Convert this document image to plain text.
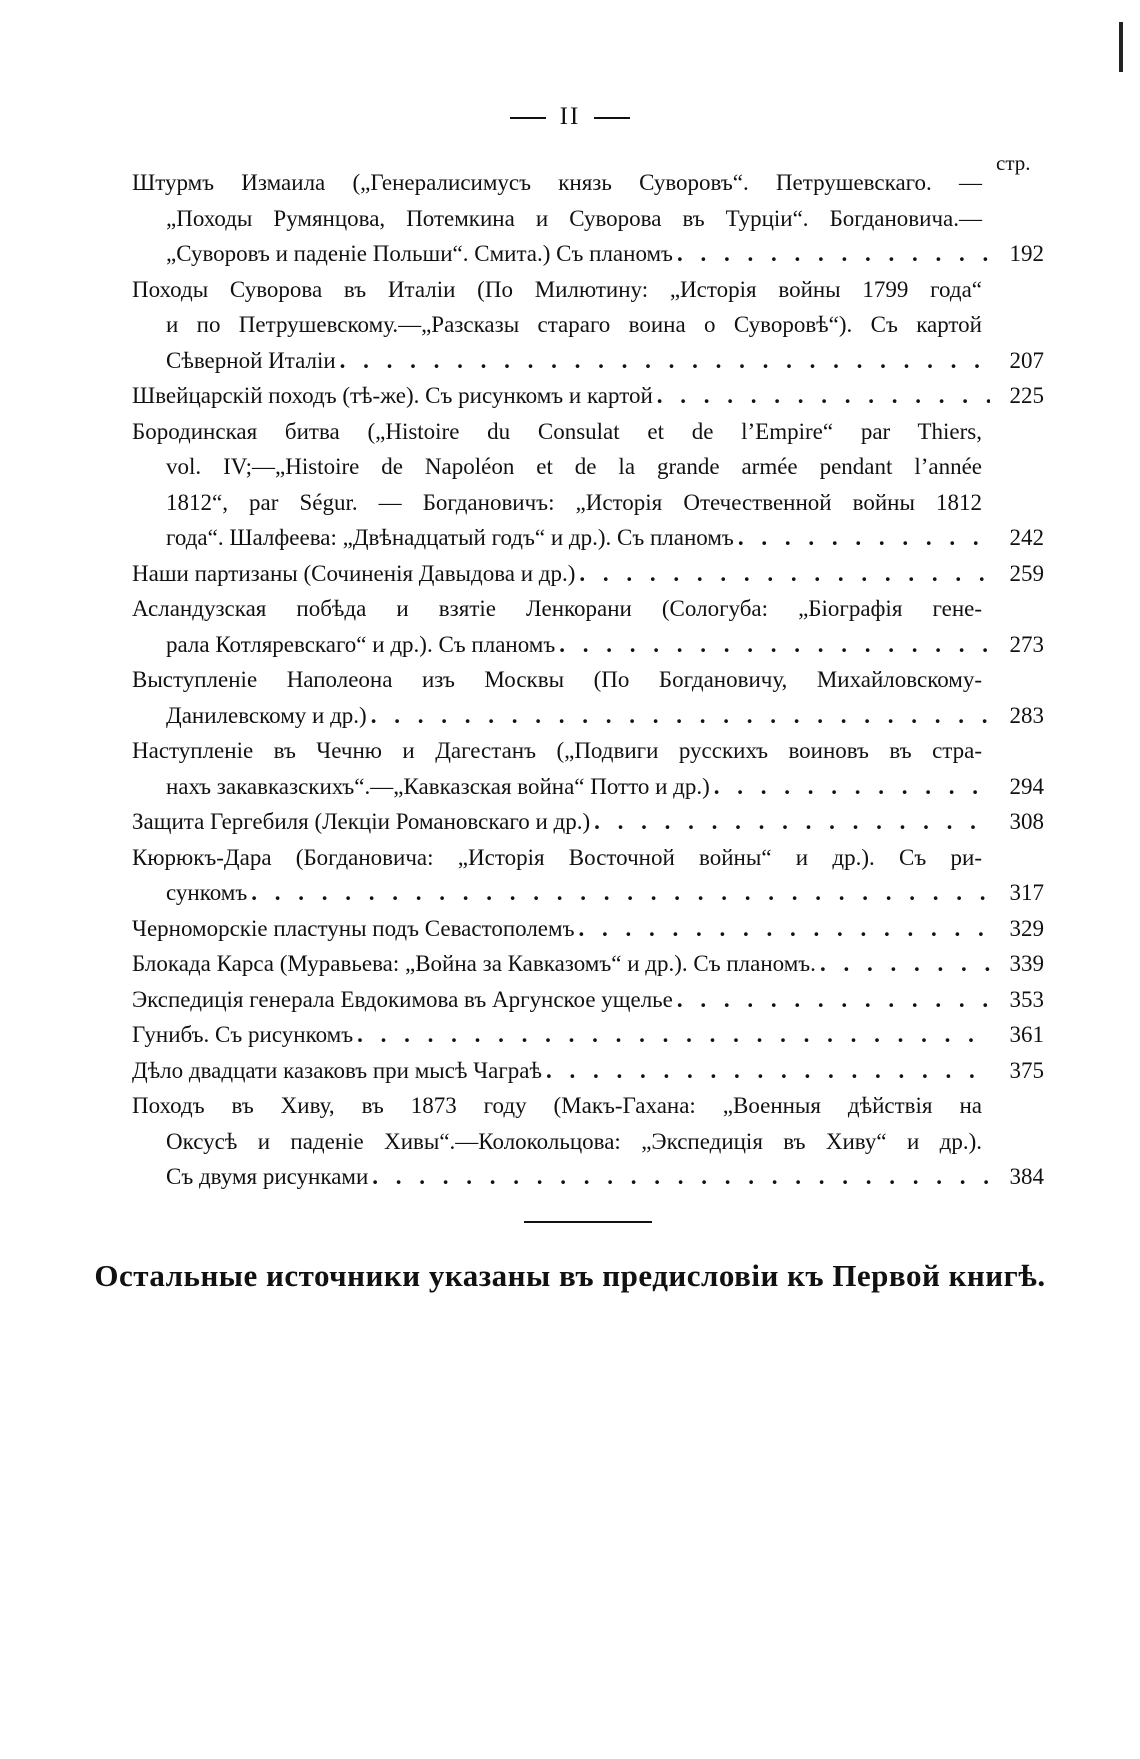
II
стр.
Штурмъ Измаила („Генералисимусъ князь Суворовъ“. Петрушевскаго. —
„Походы Румянцова, Потемкина и Суворова въ Турціи“. Богдановича.—
„Суворовъ и паденіе Польши“. Смита.) Съ планомъ . . .	192
Походы Суворова въ Италіи (По Милютину: „Исторія войны 1799 года“
и по Петрушевскому.—„Разсказы стараго воина о Суворовѣ“). Съ картой
Сѣверной Италіи . . .	207
Швейцарскій походъ (тѣ-же). Съ рисункомъ и картой . . .	225
Бородинская битва („Histoire du Consulat et de l’Empire“ par Thiers,
vol. IV;—„Histoire de Napoléon et de la grande armée pendant l’année
1812“, par Ségur. — Богдановичъ: „Исторія Отечественной войны 1812
года“. Шалфеева: „Двѣнадцатый годъ“ и др.). Съ планомъ . . .	242
Наши партизаны (Сочиненія Давыдова и др.) . . .	259
Асландузская побѣда и взятіе Ленкорани (Сологуба: „Біографія гене-
рала Котляревскаго“ и др.). Съ планомъ . . .	273
Выступленіе Наполеона изъ Москвы (По Богдановичу, Михайловскому-
Данилевскому и др.) . . .	283
Наступленіе въ Чечню и Дагестанъ („Подвиги русскихъ воиновъ въ стра-
нахъ закавказскихъ“.—„Кавказская война“ Потто и др.) . . .	294
Защита Гергебиля (Лекціи Романовскаго и др.) . . .	308
Кюрюкъ-Дара (Богдановича: „Исторія Восточной войны“ и др.). Съ ри-
сункомъ . . .	317
Черноморскіе пластуны подъ Севастополемъ . . .	329
Блокада Карса (Муравьева: „Война за Кавказомъ“ и др.). Съ планомъ. . . .	339
Экспедиція генерала Евдокимова въ Аргунское ущелье . . .	353
Гунибъ. Съ рисункомъ . . .	361
Дѣло двадцати казаковъ при мысѣ Чаграѣ . . .	375
Походъ въ Хиву, въ 1873 году (Макъ-Гахана: „Военныя дѣйствія на
Оксусѣ и паденіе Хивы“.—Колокольцова: „Экспедиція въ Хиву“ и др.).
Съ двумя рисунками . . .	384
Остальные источники указаны въ предисловіи къ Первой книгѣ.
